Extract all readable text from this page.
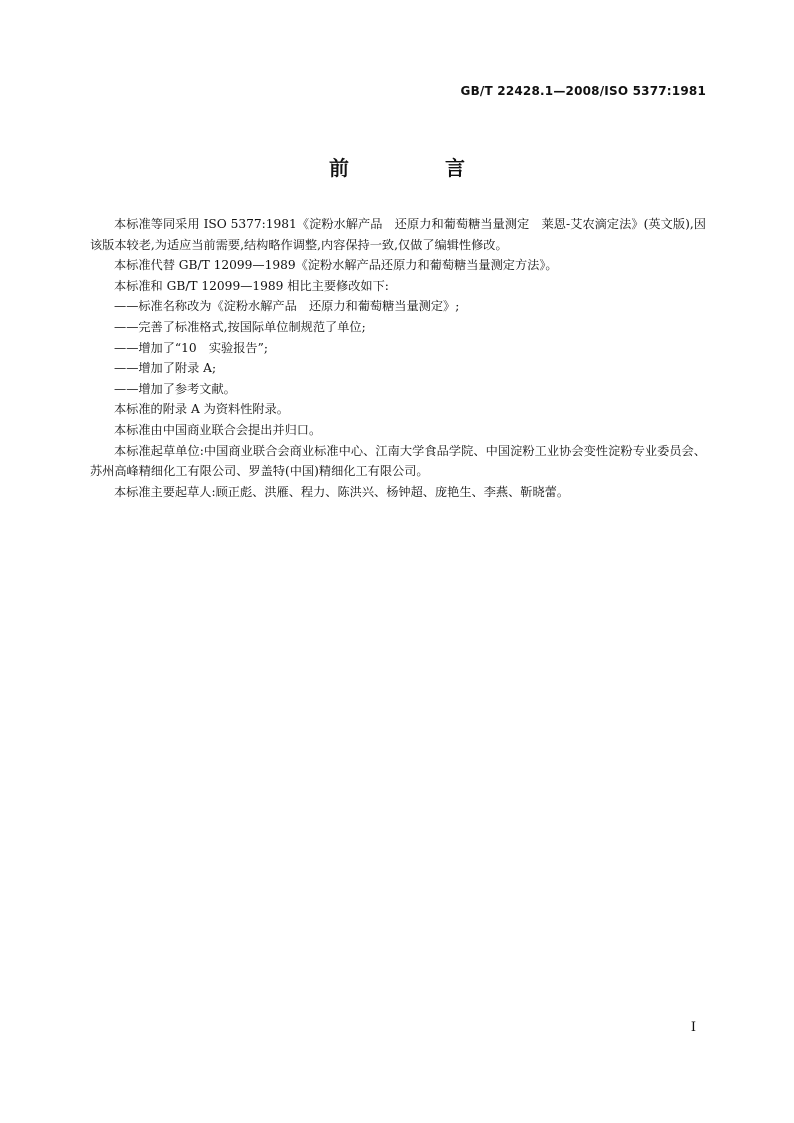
GB/T 22428.1—2008/ISO 5377:1981
前　言

本标准等同采用 ISO 5377:1981《淀粉水解产品　还原力和葡萄糖当量测定　莱恩-艾农滴定法》(英文版),因该版本较老,为适应当前需要,结构略作调整,内容保持一致,仅做了编辑性修改。

本标准代替 GB/T 12099—1989《淀粉水解产品还原力和葡萄糖当量测定方法》。

本标准和 GB/T 12099—1989 相比主要修改如下:

——标准名称改为《淀粉水解产品　还原力和葡萄糖当量测定》;

——完善了标准格式,按国际单位制规范了单位;

——增加了“10　实验报告”;

——增加了附录 A;

——增加了参考文献。

本标准的附录 A 为资料性附录。

本标准由中国商业联合会提出并归口。

本标准起草单位:中国商业联合会商业标准中心、江南大学食品学院、中国淀粉工业协会变性淀粉专业委员会、苏州高峰精细化工有限公司、罗盖特(中国)精细化工有限公司。

本标准主要起草人:顾正彪、洪雁、程力、陈洪兴、杨钟超、庞艳生、李燕、靳晓蕾。

I
